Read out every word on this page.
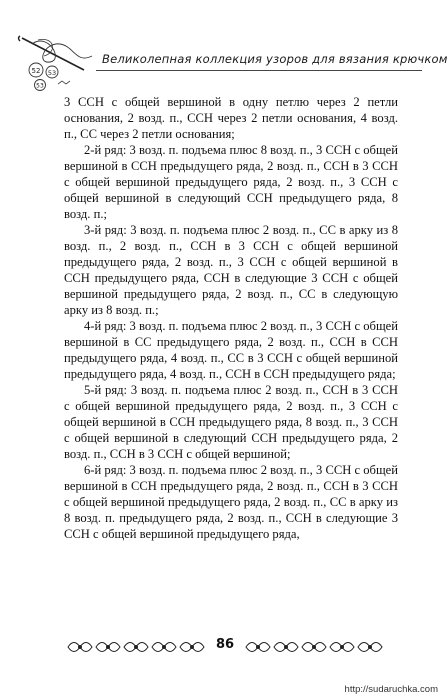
52 53
53
Великолепная коллекция узоров для вязания крючком

3 ССН с общей вершиной в одну петлю через 2 петли основания, 2 возд. п., ССН через 2 петли основания, 4 возд. п., СС через 2 петли основания;

2-й ряд: 3 возд. п. подъема плюс 8 возд. п., 3 ССН с общей вершиной в ССН предыдущего ряда, 2 возд. п., ССН в 3 ССН с общей вершиной предыдущего ряда, 2 возд. п., 3 ССН с общей вершиной в следующий ССН предыдущего ряда, 8 возд. п.;

3-й ряд: 3 возд. п. подъема плюс 2 возд. п., СС в арку из 8 возд. п., 2 возд. п., ССН в 3 ССН с общей вершиной предыдущего ряда, 2 возд. п., 3 ССН с общей вершиной в ССН предыдущего ряда, ССН в следующие 3 ССН с общей вершиной предыдущего ряда, 2 возд. п., СС в следующую арку из 8 возд. п.;

4-й ряд: 3 возд. п. подъема плюс 2 возд. п., 3 ССН с общей вершиной в СС предыдущего ряда, 2 возд. п., ССН в ССН предыдущего ряда, 4 возд. п., СС в 3 ССН с общей вершиной предыдущего ряда, 4 возд. п., ССН в ССН предыдущего ряда;

5-й ряд: 3 возд. п. подъема плюс 2 возд. п., ССН в 3 ССН с общей вершиной предыдущего ряда, 2 возд. п., 3 ССН с общей вершиной в ССН предыдущего ряда, 8 возд. п., 3 ССН с общей вершиной в следующий ССН предыдущего ряда, 2 возд. п., ССН в 3 ССН с общей вершиной;

6-й ряд: 3 возд. п. подъема плюс 2 возд. п., 3 ССН с общей вершиной в ССН предыдущего ряда, 2 возд. п., ССН в 3 ССН с общей вершиной предыдущего ряда, 2 возд. п., СС в арку из 8 возд. п. предыдущего ряда, 2 возд. п., ССН в следующие 3 ССН с общей вершиной предыдущего ряда,

86
http://sudaruchka.com
